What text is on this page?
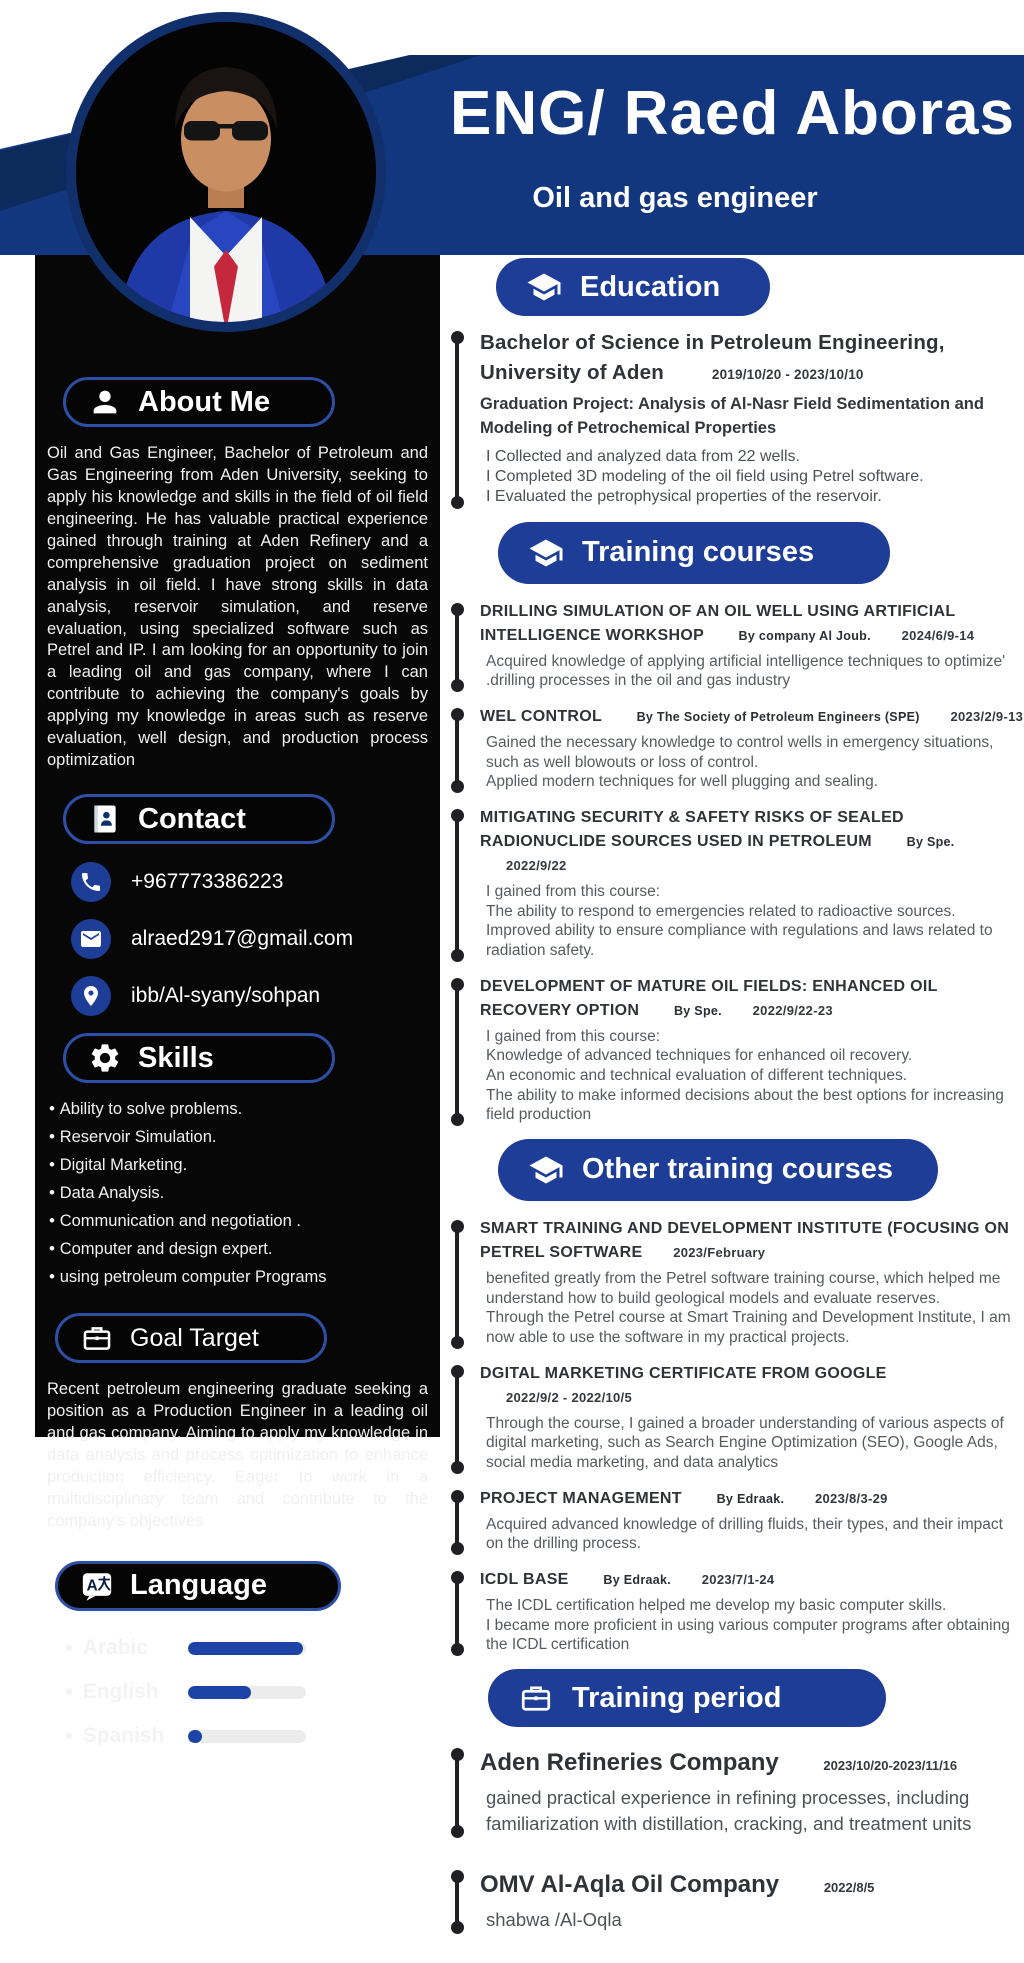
ENG/ Raed Aboras
Oil and gas engineer
About Me
Oil and Gas Engineer, Bachelor of Petroleum and Gas Engineering from Aden University, seeking to apply his knowledge and skills in the field of oil field engineering. He has valuable practical experience gained through training at Aden Refinery and a comprehensive graduation project on sediment analysis in oil field. I have strong skills in data analysis, reservoir simulation, and reserve evaluation, using specialized software such as Petrel and IP. I am looking for an opportunity to join a leading oil and gas company, where I can contribute to achieving the company's goals by applying my knowledge in areas such as reserve evaluation, well design, and production process optimization
Contact
+967773386223
alraed2917@gmail.com
ibb/Al-syany/sohpan
Skills
• Ability to solve problems.
• Reservoir Simulation.
• Digital Marketing.
• Data Analysis.
• Communication and negotiation .
• Computer and design expert.
• using petroleum computer Programs
Goal Target
Recent petroleum engineering graduate seeking a position as a Production Engineer in a leading oil and gas company. Aiming to apply my knowledge in data analysis and process optimization to enhance production efficiency. Eager to work in a multidisciplinary team and contribute to the company's objectives
A Language
• Arabic	%98
• English	%54
• Spanish	%12
Education
Bachelor of Science in Petroleum Engineering, University of Aden	2019/10/20 - 2023/10/10
Graduation Project: Analysis of Al-Nasr Field Sedimentation and Modeling of Petrochemical Properties
I Collected and analyzed data from 22 wells.
I Completed 3D modeling of the oil field using Petrel software.
I Evaluated the petrophysical properties of the reservoir.
Training courses
DRILLING SIMULATION OF AN OIL WELL USING ARTIFICIAL INTELLIGENCE WORKSHOP	By company Al Joub. 2024/6/9-14
Acquired knowledge of applying artificial intelligence techniques to optimize'
.drilling processes in the oil and gas industry
WEL CONTROL	By The Society of Petroleum Engineers (SPE) 2023/2/9-13
Gained the necessary knowledge to control wells in emergency situations, such as well blowouts or loss of control.
Applied modern techniques for well plugging and sealing.
MITIGATING SECURITY & SAFETY RISKS OF SEALED RADIONUCLIDE SOURCES USED IN PETROLEUM	By Spe. 2022/9/22
I gained from this course:
The ability to respond to emergencies related to radioactive sources.
Improved ability to ensure compliance with regulations and laws related to radiation safety.
DEVELOPMENT OF MATURE OIL FIELDS: ENHANCED OIL RECOVERY OPTION	By Spe. 2022/9/22-23
I gained from this course:
Knowledge of advanced techniques for enhanced oil recovery.
An economic and technical evaluation of different techniques.
The ability to make informed decisions about the best options for increasing field production
Other training courses
SMART TRAINING AND DEVELOPMENT INSTITUTE (FOCUSING ON PETREL SOFTWARE 2023/February
benefited greatly from the Petrel software training course, which helped me understand how to build geological models and evaluate reserves.
Through the Petrel course at Smart Training and Development Institute, I am now able to use the software in my practical projects.
DGITAL MARKETING CERTIFICATE FROM GOOGLE 2022/9/2 - 2022/10/5
Through the course, I gained a broader understanding of various aspects of digital marketing, such as Search Engine Optimization (SEO), Google Ads, social media marketing, and data analytics
PROJECT MANAGEMENT	By Edraak. 2023/8/3-29
Acquired advanced knowledge of drilling fluids, their types, and their impact on the drilling process.
ICDL BASE	By Edraak. 2023/7/1-24
The ICDL certification helped me develop my basic computer skills.
I became more proficient in using various computer programs after obtaining the ICDL certification
Training period
Aden Refineries Company	2023/10/20-2023/11/16
gained practical experience in refining processes, including familiarization with distillation, cracking, and treatment units
OMV Al-Aqla Oil Company	2022/8/5
shabwa /Al-Oqla
